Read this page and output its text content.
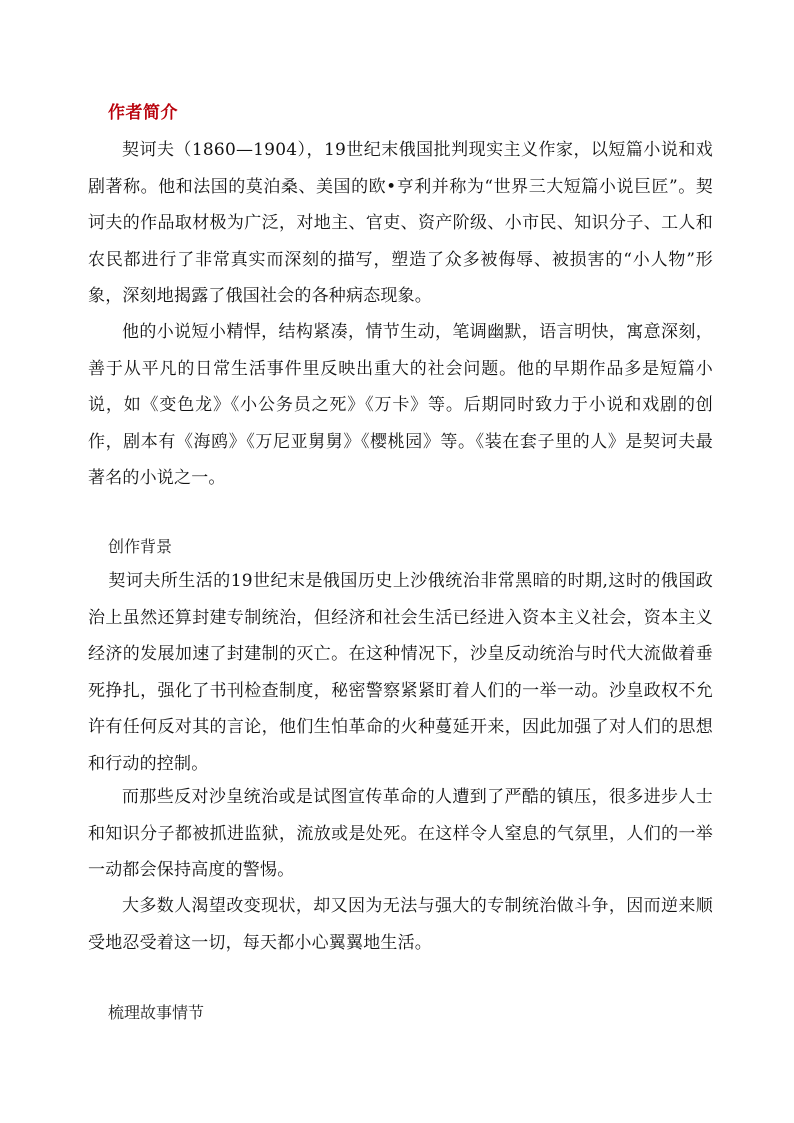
作者简介

契诃夫（1860—1904），19世纪末俄国批判现实主义作家，以短篇小说和戏剧著称。他和法国的莫泊桑、美国的欧•亨利并称为“世界三大短篇小说巨匠”。契诃夫的作品取材极为广泛，对地主、官吏、资产阶级、小市民、知识分子、工人和农民都进行了非常真实而深刻的描写，塑造了众多被侮辱、被损害的“小人物”形象，深刻地揭露了俄国社会的各种病态现象。

他的小说短小精悍，结构紧凑，情节生动，笔调幽默，语言明快，寓意深刻，善于从平凡的日常生活事件里反映出重大的社会问题。他的早期作品多是短篇小说，如《变色龙》《小公务员之死》《万卡》等。后期同时致力于小说和戏剧的创作，剧本有《海鸥》《万尼亚舅舅》《樱桃园》等。《装在套子里的人》是契诃夫最著名的小说之一。

创作背景

契诃夫所生活的19世纪末是俄国历史上沙俄统治非常黑暗的时期,这时的俄国政治上虽然还算封建专制统治，但经济和社会生活已经进入资本主义社会，资本主义经济的发展加速了封建制的灭亡。在这种情况下，沙皇反动统治与时代大流做着垂死挣扎，强化了书刊检查制度，秘密警察紧紧盯着人们的一举一动。沙皇政权不允许有任何反对其的言论，他们生怕革命的火种蔓延开来，因此加强了对人们的思想和行动的控制。

而那些反对沙皇统治或是试图宣传革命的人遭到了严酷的镇压，很多进步人士和知识分子都被抓进监狱，流放或是处死。在这样令人窒息的气氛里，人们的一举一动都会保持高度的警惕。

大多数人渴望改变现状，却又因为无法与强大的专制统治做斗争，因而逆来顺受地忍受着这一切，每天都小心翼翼地生活。

梳理故事情节
